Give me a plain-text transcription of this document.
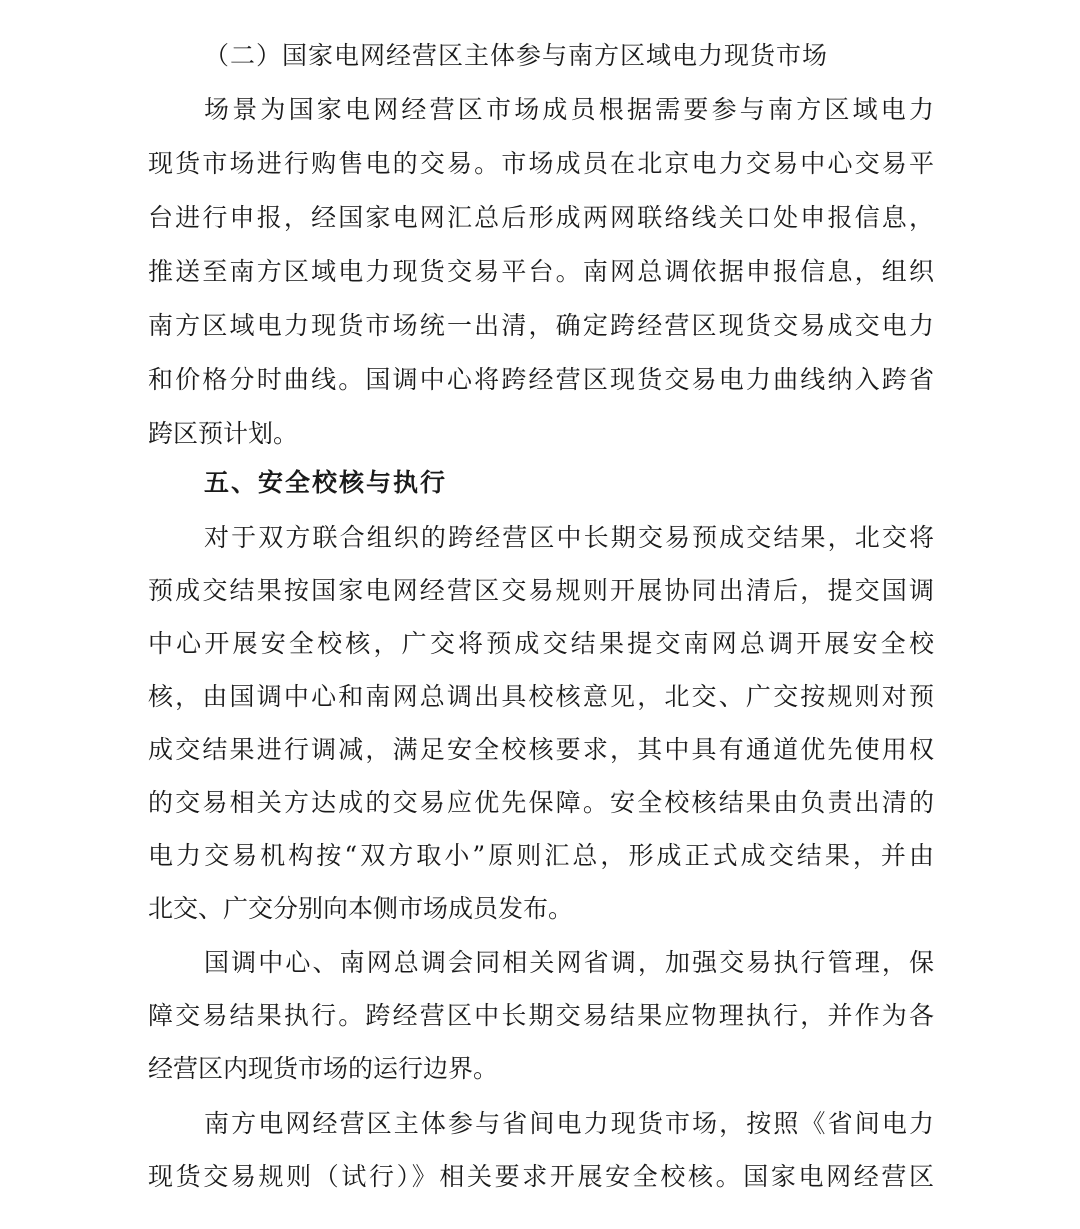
（二）国家电网经营区主体参与南方区域电力现货市场
场景为国家电网经营区市场成员根据需要参与南方区域电力
现货市场进行购售电的交易。市场成员在北京电力交易中心交易平
台进行申报，经国家电网汇总后形成两网联络线关口处申报信息，
推送至南方区域电力现货交易平台。南网总调依据申报信息，组织
南方区域电力现货市场统一出清，确定跨经营区现货交易成交电力
和价格分时曲线。国调中心将跨经营区现货交易电力曲线纳入跨省
跨区预计划。
五、安全校核与执行
对于双方联合组织的跨经营区中长期交易预成交结果，北交将
预成交结果按国家电网经营区交易规则开展协同出清后，提交国调
中心开展安全校核，广交将预成交结果提交南网总调开展安全校
核，由国调中心和南网总调出具校核意见，北交、广交按规则对预
成交结果进行调减，满足安全校核要求，其中具有通道优先使用权
的交易相关方达成的交易应优先保障。安全校核结果由负责出清的
电力交易机构按“双方取小”原则汇总，形成正式成交结果，并由
北交、广交分别向本侧市场成员发布。
国调中心、南网总调会同相关网省调，加强交易执行管理，保
障交易结果执行。跨经营区中长期交易结果应物理执行，并作为各
经营区内现货市场的运行边界。
南方电网经营区主体参与省间电力现货市场，按照《省间电力
现货交易规则（试行）》相关要求开展安全校核。国家电网经营区
